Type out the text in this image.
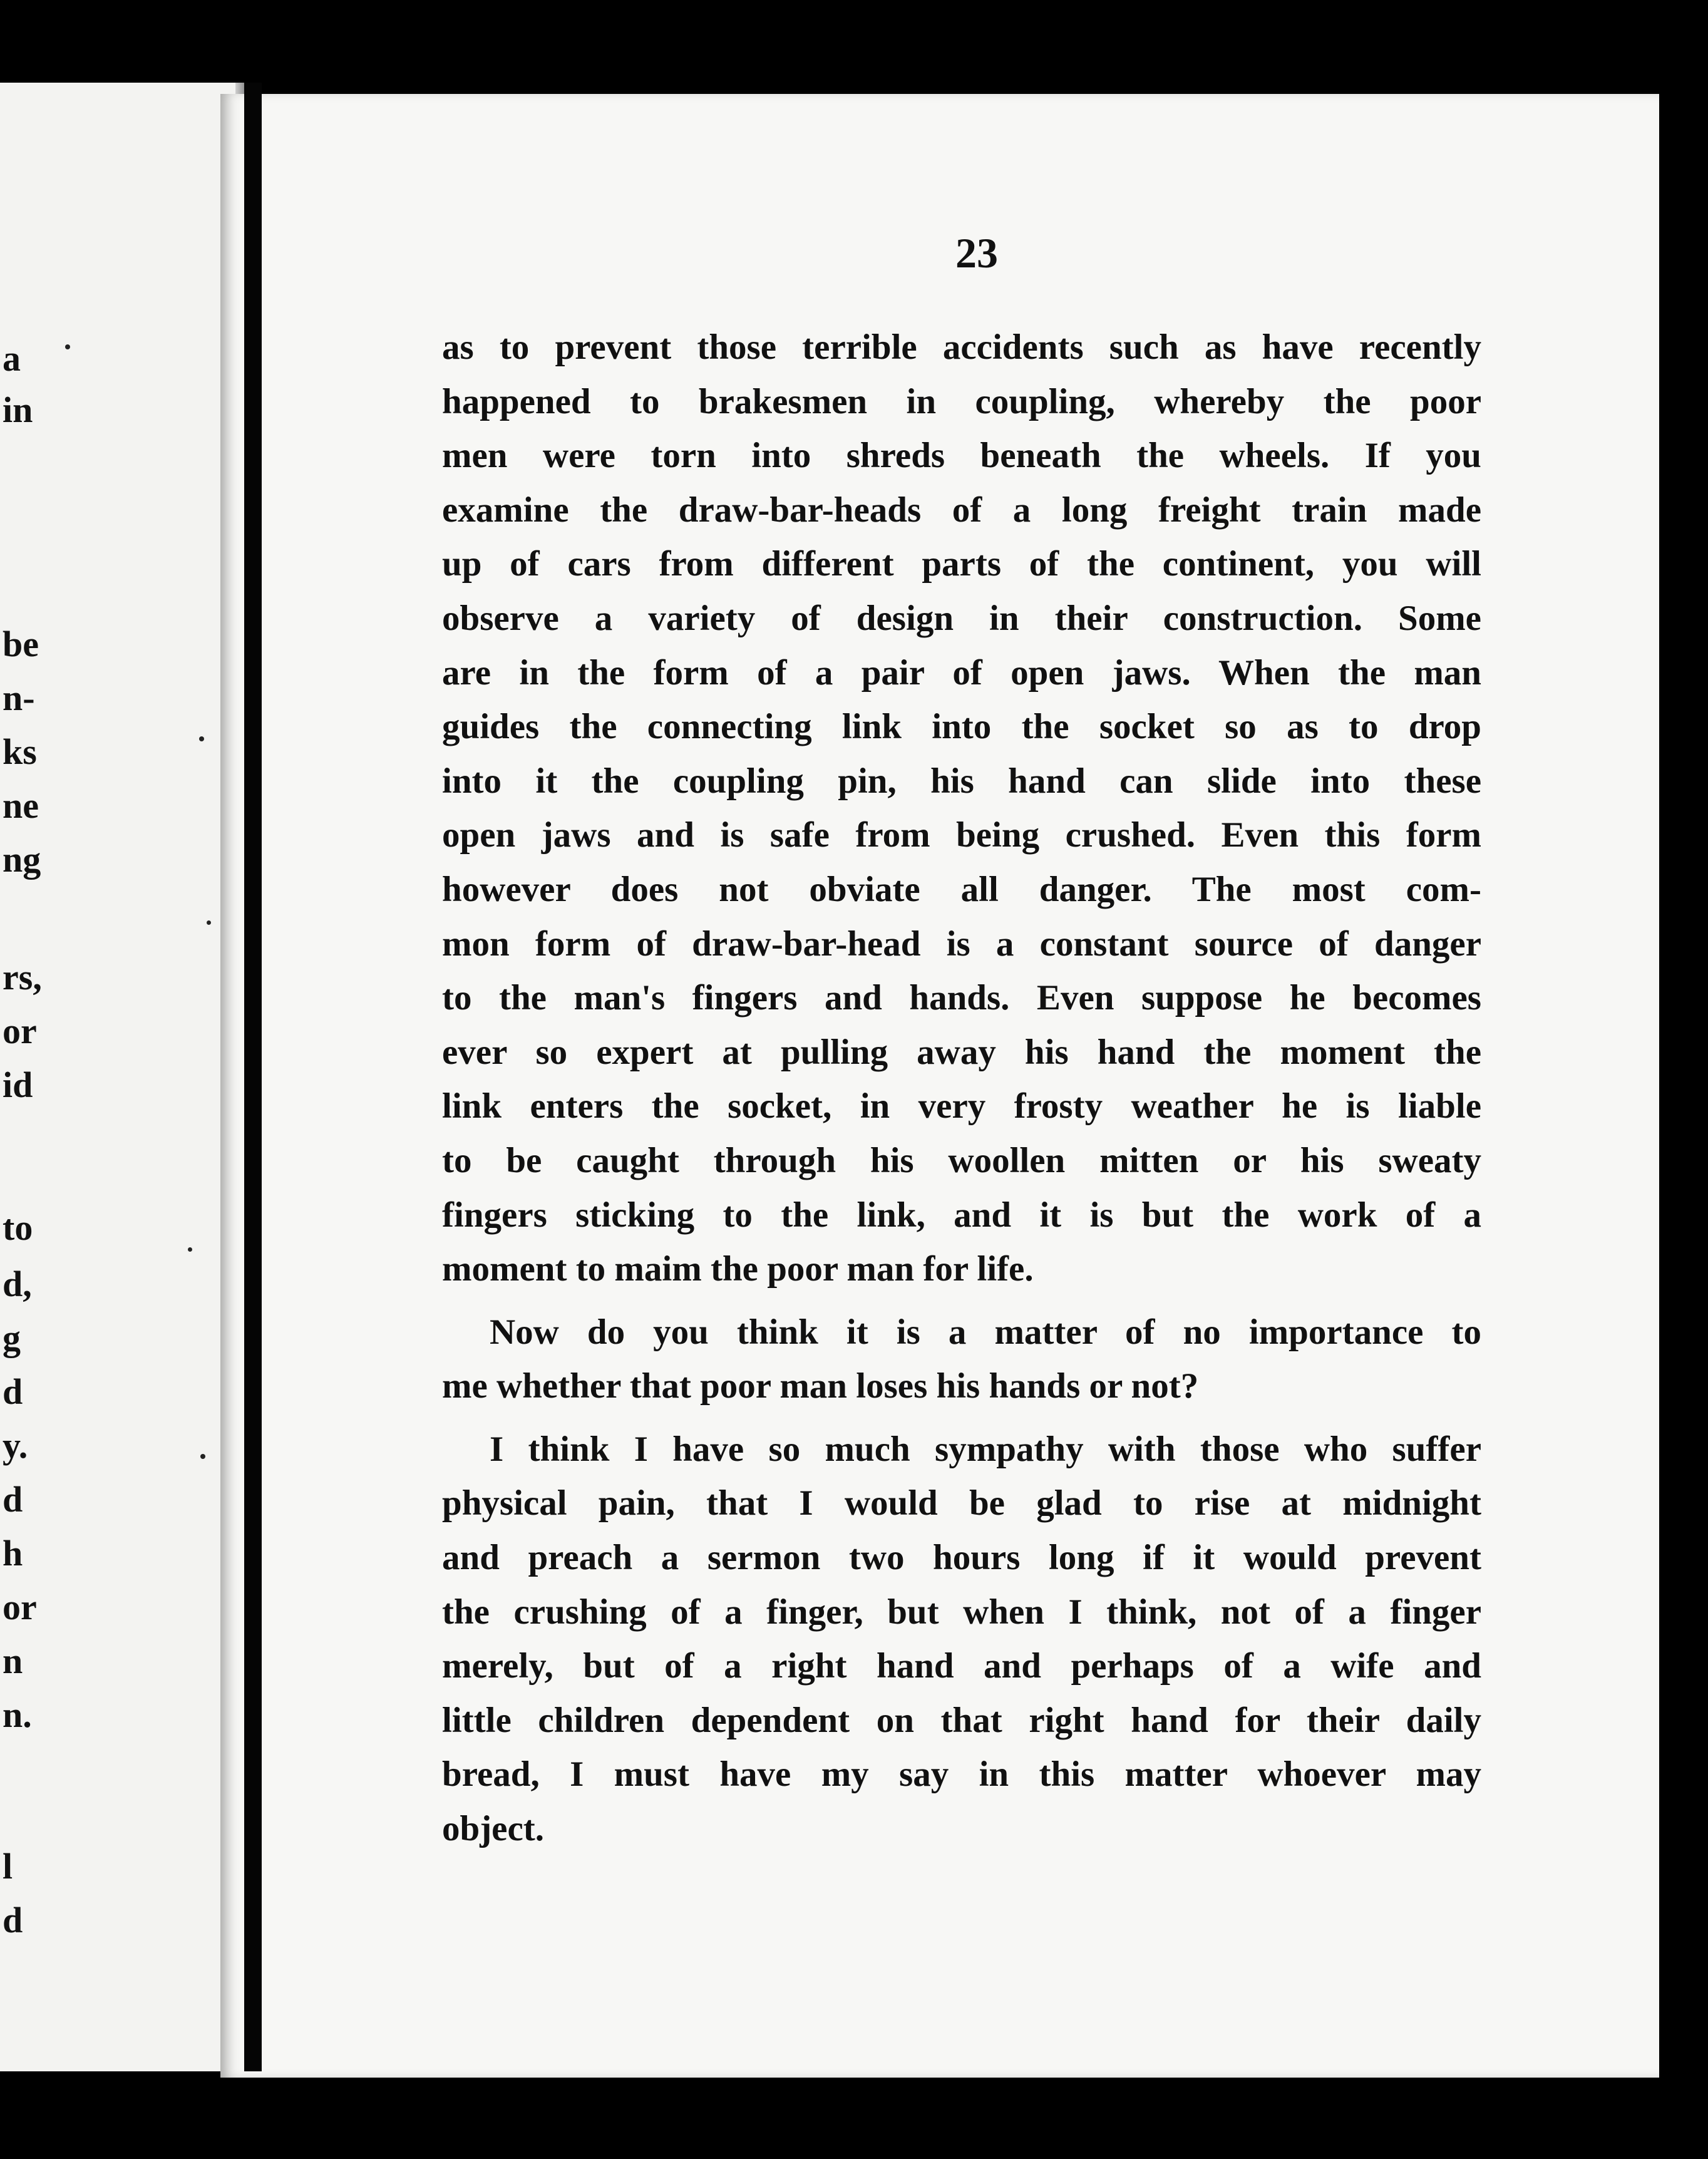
a
in
be
n-
ks
ne
ng
rs,
or
id
to
d,
g
d
y.
d
h
or
n
n.
l
d
23
as to prevent those terrible accidents such as have recently
happened to brakesmen in coupling, whereby the poor
men were torn into shreds beneath the wheels. If you
examine the draw-bar-heads of a long freight train made
up of cars from different parts of the continent, you will
observe a variety of design in their construction. Some
are in the form of a pair of open jaws. When the man
guides the connecting link into the socket so as to drop
into it the coupling pin, his hand can slide into these
open jaws and is safe from being crushed. Even this form
however does not obviate all danger. The most com-
mon form of draw-bar-head is a constant source of danger
to the man's fingers and hands. Even suppose he becomes
ever so expert at pulling away his hand the moment the
link enters the socket, in very frosty weather he is liable
to be caught through his woollen mitten or his sweaty
fingers sticking to the link, and it is but the work of a
moment to maim the poor man for life.
Now do you think it is a matter of no importance to
me whether that poor man loses his hands or not?
I think I have so much sympathy with those who suffer
physical pain, that I would be glad to rise at midnight
and preach a sermon two hours long if it would prevent
the crushing of a finger, but when I think, not of a finger
merely, but of a right hand and perhaps of a wife and
little children dependent on that right hand for their daily
bread, I must have my say in this matter whoever may
object.
